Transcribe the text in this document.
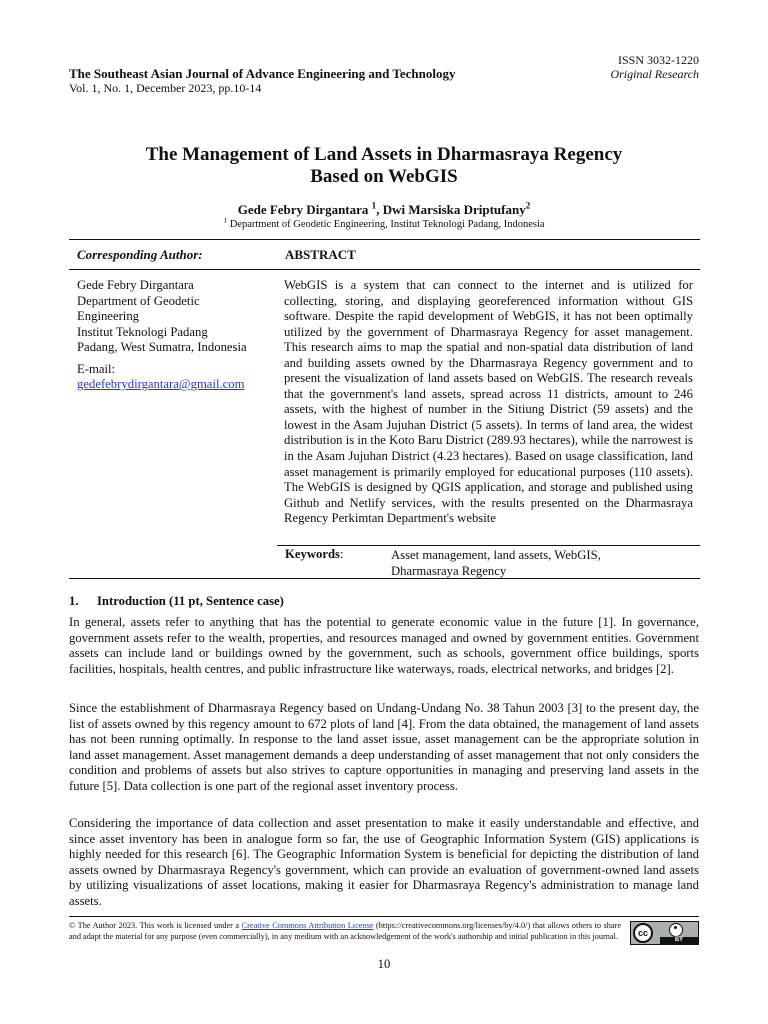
ISSN 3032-1220
Original Research
The Southeast Asian Journal of Advance Engineering and Technology
Vol. 1, No. 1, December 2023, pp.10-14
The Management of Land Assets in Dharmasraya Regency
Based on WebGIS
Gede Febry Dirgantara $^1$, Dwi Marsiska Driptufany$^2$
$^1$ Department of Geodetic Engineering, Institut Teknologi Padang, Indonesia
Corresponding Author:	ABSTRACT
Gede Febry Dirgantara
Department of Geodetic
Engineering
Institut Teknologi Padang
Padang, West Sumatra, Indonesia
E-mail:
gedefebrydirgantara@gmail.com
WebGIS is a system that can connect to the internet and is utilized for collecting, storing, and displaying georeferenced information without GIS software. Despite the rapid development of WebGIS, it has not been optimally utilized by the government of Dharmasraya Regency for asset management. This research aims to map the spatial and non-spatial data distribution of land and building assets owned by the Dharmasraya Regency government and to present the visualization of land assets based on WebGIS. The research reveals that the government's land assets, spread across 11 districts, amount to 246 assets, with the highest of number in the Sitiung District (59 assets) and the lowest in the Asam Jujuhan District (5 assets). In terms of land area, the widest distribution is in the Koto Baru District (289.93 hectares), while the narrowest is in the Asam Jujuhan District (4.23 hectares). Based on usage classification, land asset management is primarily employed for educational purposes (110 assets). The WebGIS is designed by QGIS application, and storage and published using Github and Netlify services, with the results presented on the Dharmasraya Regency Perkimtan Department's website
Keywords:	Asset management, land assets, WebGIS,
Dharmasraya Regency
1. Introduction (11 pt, Sentence case)
In general, assets refer to anything that has the potential to generate economic value in the future [1]. In governance, government assets refer to the wealth, properties, and resources managed and owned by government entities. Government assets can include land or buildings owned by the government, such as schools, government office buildings, sports facilities, hospitals, health centres, and public infrastructure like waterways, roads, electrical networks, and bridges [2].
Since the establishment of Dharmasraya Regency based on Undang-Undang No. 38 Tahun 2003 [3] to the present day, the list of assets owned by this regency amount to 672 plots of land [4]. From the data obtained, the management of land assets has not been running optimally. In response to the land asset issue, asset management can be the appropriate solution in land asset management. Asset management demands a deep understanding of asset management that not only considers the condition and problems of assets but also strives to capture opportunities in managing and preserving land assets in the future [5]. Data collection is one part of the regional asset inventory process.
Considering the importance of data collection and asset presentation to make it easily understandable and effective, and since asset inventory has been in analogue form so far, the use of Geographic Information System (GIS) applications is highly needed for this research [6]. The Geographic Information System is beneficial for depicting the distribution of land assets owned by Dharmasraya Regency's government, which can provide an evaluation of government-owned land assets by utilizing visualizations of asset locations, making it easier for Dharmasraya Regency's administration to manage land assets.
© The Author 2023. This work is licensed under a Creative Commons Attribution License (https://creativecommons.org/licenses/by/4.0/) that allows others to share and adapt the material for any purpose (even commercially), in any medium with an acknowledgement of the work's authorship and initial publication in this journal.	cc
BY
10
